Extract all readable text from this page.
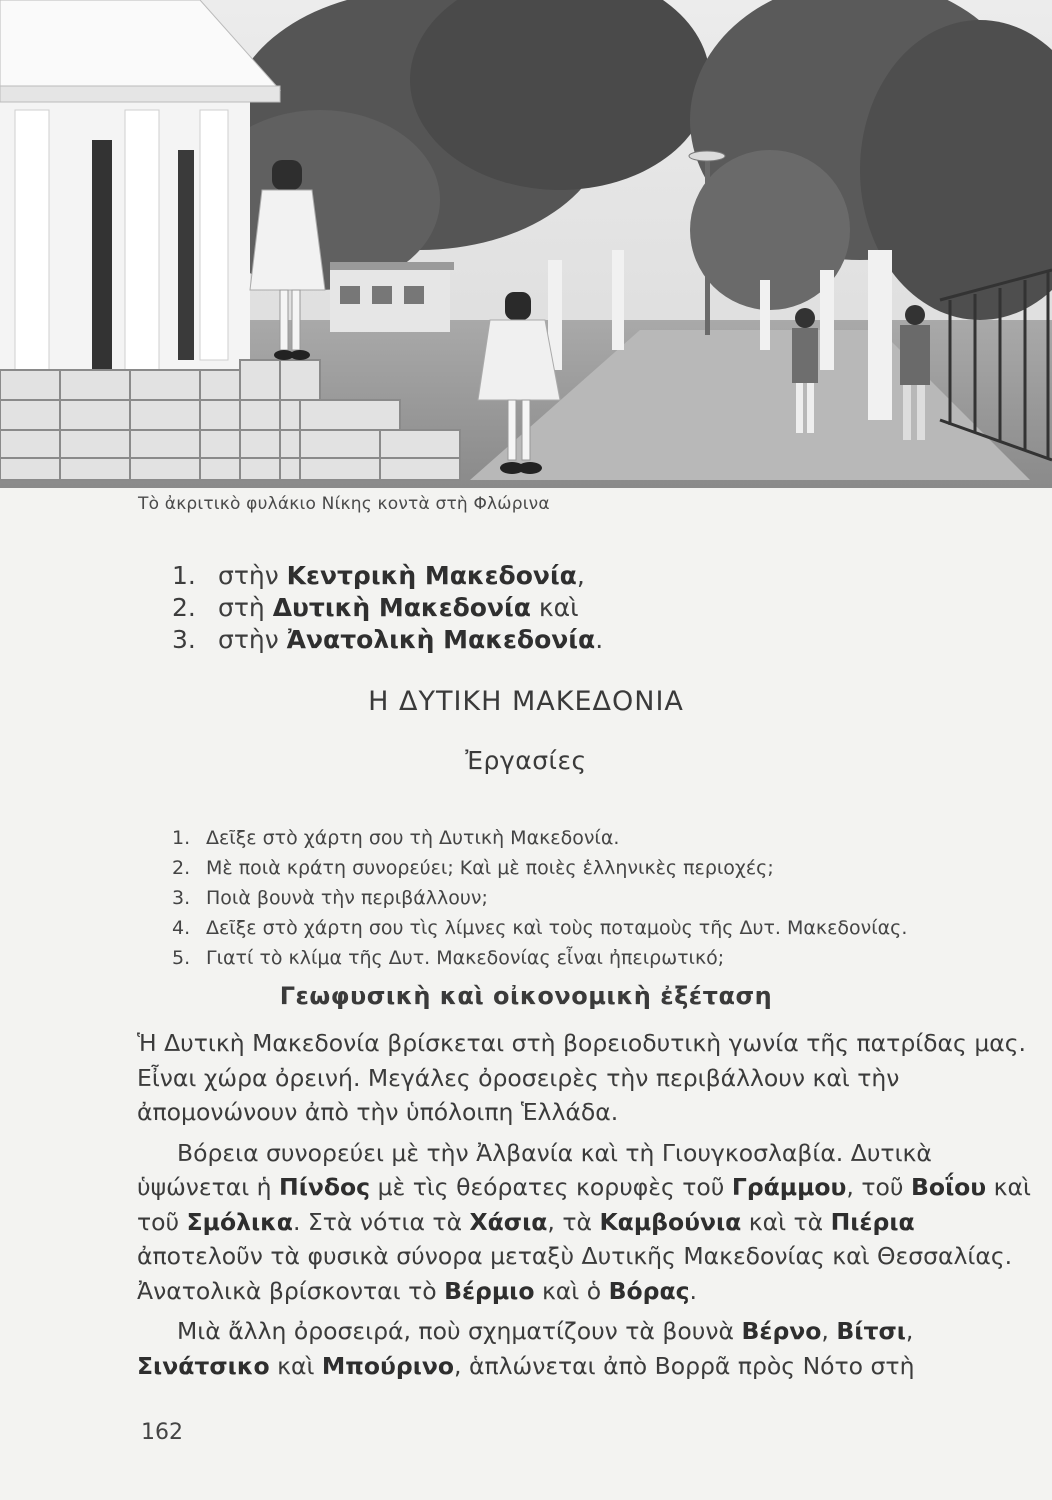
Τὸ ἀκριτικὸ φυλάκιο Νίκης κοντὰ στὴ Φλώρινα
1. στὴν Κεντρικὴ Μακεδονία,
2. στὴ Δυτικὴ Μακεδονία καὶ
3. στὴν Ἀνατολικὴ Μακεδονία.
Η ΔΥΤΙΚΗ ΜΑΚΕΔΟΝΙΑ
Ἐργασίες
1. Δεῖξε στὸ χάρτη σου τὴ Δυτικὴ Μακεδονία.
2. Μὲ ποιὰ κράτη συνορεύει; Καὶ μὲ ποιὲς ἑλληνικὲς περιοχές;
3. Ποιὰ βουνὰ τὴν περιβάλλουν;
4. Δεῖξε στὸ χάρτη σου τὶς λίμνες καὶ τοὺς ποταμοὺς τῆς Δυτ. Μακεδονίας.
5. Γιατί τὸ κλίμα τῆς Δυτ. Μακεδονίας εἶναι ἠπειρωτικό;
Γεωφυσικὴ καὶ οἰκονομικὴ ἐξέταση

Ἡ Δυτικὴ Μακεδονία βρίσκεται στὴ βορειοδυτικὴ γωνία τῆς πατρίδας μας. Εἶναι χώρα ὀρεινή. Μεγάλες ὀροσειρὲς τὴν περιβάλλουν καὶ τὴν ἀπομονώνουν ἀπὸ τὴν ὑπόλοιπη Ἑλλάδα.

Βόρεια συνορεύει μὲ τὴν Ἀλβανία καὶ τὴ Γιουγκοσλαβία. Δυτικὰ ὑψώνεται ἡ Πίνδος μὲ τὶς θεόρατες κορυφὲς τοῦ Γράμμου, τοῦ Βοΐου καὶ τοῦ Σμόλικα. Στὰ νότια τὰ Χάσια, τὰ Καμβούνια καὶ τὰ Πιέρια ἀποτελοῦν τὰ φυσικὰ σύνορα μεταξὺ Δυτικῆς Μακεδονίας καὶ Θεσσαλίας. Ἀνατολικὰ βρίσκονται τὸ Βέρμιο καὶ ὁ Βόρας.

Μιὰ ἄλλη ὀροσειρά, ποὺ σχηματίζουν τὰ βουνὰ Βέρνο, Βίτσι, Σινάτσικο καὶ Μπούρινο, ἁπλώνεται ἀπὸ Βορρᾶ πρὸς Νότο στὴ

162
